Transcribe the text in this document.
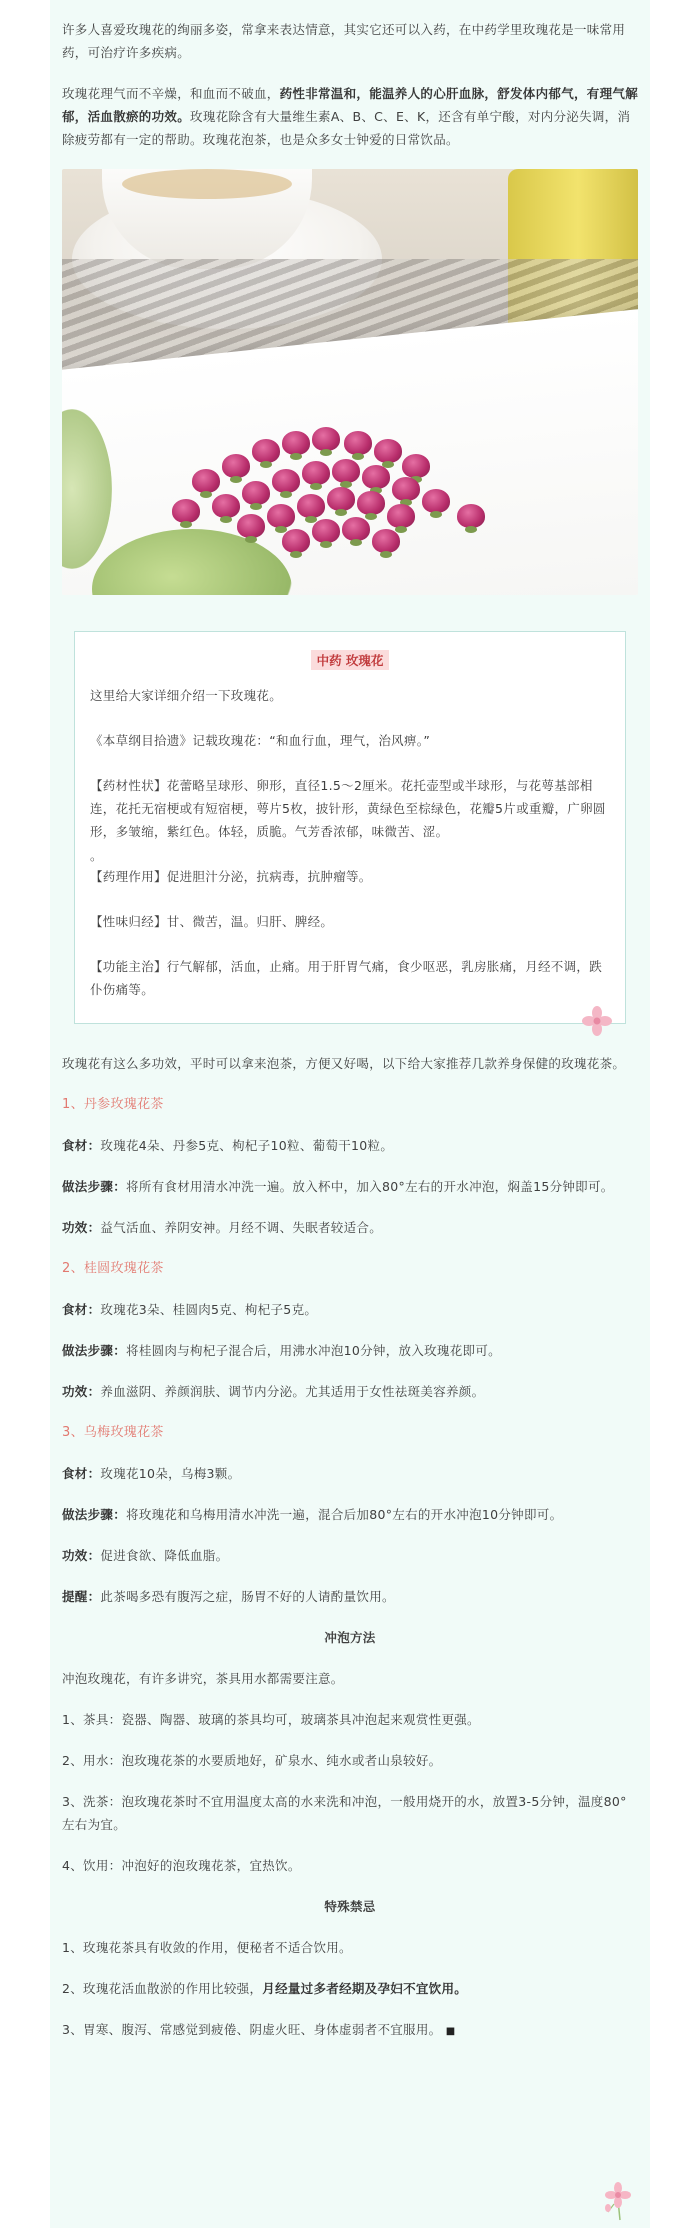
许多人喜爱玫瑰花的绚丽多姿，常拿来表达情意，其实它还可以入药，在中药学里玫瑰花是一味常用药，可治疗许多疾病。

玫瑰花理气而不辛燥，和血而不破血，药性非常温和，能温养人的心肝血脉，舒发体内郁气，有理气解郁，活血散瘀的功效。玫瑰花除含有大量维生素A、B、C、E、K，还含有单宁酸，对内分泌失调，消除疲劳都有一定的帮助。玫瑰花泡茶，也是众多女士钟爱的日常饮品。

中药 玫瑰花

这里给大家详细介绍一下玫瑰花。

《本草纲目拾遗》记载玫瑰花：“和血行血，理气，治风痹。”

【药材性状】花蕾略呈球形、卵形，直径1.5～2厘米。花托壶型或半球形，与花萼基部相连，花托无宿梗或有短宿梗，萼片5枚，披针形，黄绿色至棕绿色，花瓣5片或重瓣，广卵圆形，多皱缩，紫红色。体轻，质脆。气芳香浓郁，味微苦、涩。

。

【药理作用】促进胆汁分泌，抗病毒，抗肿瘤等。

【性味归经】甘、微苦，温。归肝、脾经。

【功能主治】行气解郁，活血，止痛。用于肝胃气痛，食少呕恶，乳房胀痛，月经不调，跌仆伤痛等。

玫瑰花有这么多功效，平时可以拿来泡茶，方便又好喝，以下给大家推荐几款养身保健的玫瑰花茶。

1、丹参玫瑰花茶

食材：玫瑰花4朵、丹参5克、枸杞子10粒、葡萄干10粒。

做法步骤：将所有食材用清水冲洗一遍。放入杯中，加入80°左右的开水冲泡，焖盖15分钟即可。

功效：益气活血、养阴安神。月经不调、失眠者较适合。

2、桂圆玫瑰花茶

食材：玫瑰花3朵、桂圆肉5克、枸杞子5克。

做法步骤：将桂圆肉与枸杞子混合后，用沸水冲泡10分钟，放入玫瑰花即可。

功效：养血滋阴、养颜润肤、调节内分泌。尤其适用于女性祛斑美容养颜。

3、乌梅玫瑰花茶

食材：玫瑰花10朵，乌梅3颗。

做法步骤：将玫瑰花和乌梅用清水冲洗一遍，混合后加80°左右的开水冲泡10分钟即可。

功效：促进食欲、降低血脂。

提醒：此茶喝多恐有腹泻之症，肠胃不好的人请酌量饮用。

冲泡方法

冲泡玫瑰花，有许多讲究，茶具用水都需要注意。

1、茶具：瓷器、陶器、玻璃的茶具均可，玻璃茶具冲泡起来观赏性更强。

2、用水：泡玫瑰花茶的水要质地好，矿泉水、纯水或者山泉较好。

3、洗茶：泡玫瑰花茶时不宜用温度太高的水来洗和冲泡，一般用烧开的水，放置3-5分钟，温度80°左右为宜。

4、饮用：冲泡好的泡玫瑰花茶，宜热饮。

特殊禁忌

1、玫瑰花茶具有收敛的作用，便秘者不适合饮用。

2、玫瑰花活血散淤的作用比较强，月经量过多者经期及孕妇不宜饮用。

3、胃寒、腹泻、常感觉到疲倦、阴虚火旺、身体虚弱者不宜服用。 ■
